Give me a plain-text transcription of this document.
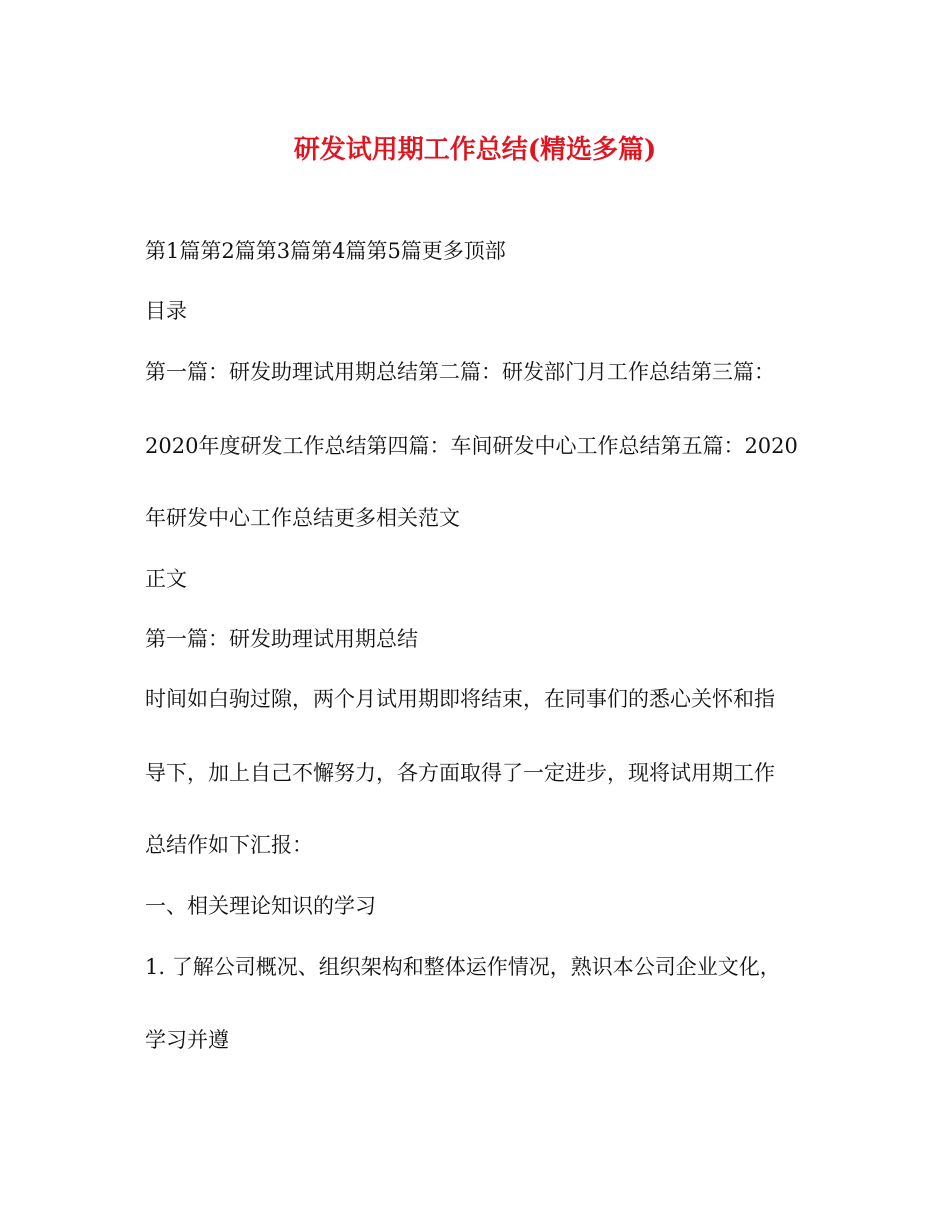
研发试用期工作总结(精选多篇)
第1篇第2篇第3篇第4篇第5篇更多顶部
目录
第一篇：研发助理试用期总结第二篇：研发部门月工作总结第三篇：
2020年度研发工作总结第四篇：车间研发中心工作总结第五篇：2020
年研发中心工作总结更多相关范文
正文
第一篇：研发助理试用期总结
时间如白驹过隙，两个月试用期即将结束，在同事们的悉心关怀和指
导下，加上自己不懈努力，各方面取得了一定进步，现将试用期工作
总结作如下汇报：
一、相关理论知识的学习
1. 了解公司概况、组织架构和整体运作情况，熟识本公司企业文化，
学习并遵
